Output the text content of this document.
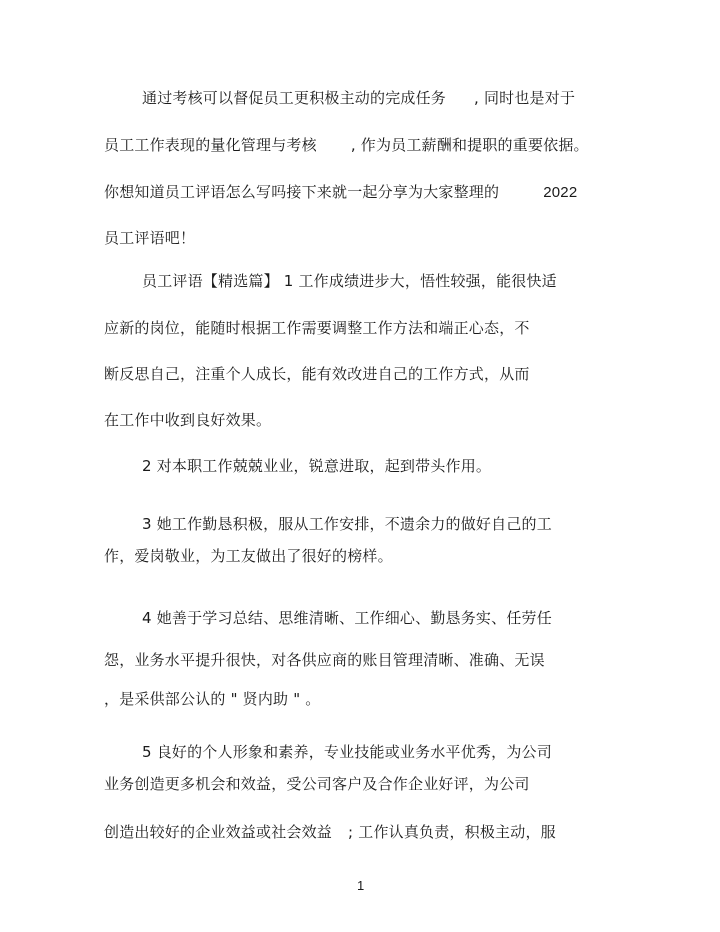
通过考核可以督促员工更积极主动的完成任务 , 同时也是对于
员工工作表现的量化管理与考核 , 作为员工薪酬和提职的重要依据。
你想知道员工评语怎么写吗接下来就一起分享为大家整理的	2022
员工评语吧！
员工评语【精选篇】 1 工作成绩进步大，悟性较强，能很快适
应新的岗位，能随时根据工作需要调整工作方法和端正心态，不
断反思自己，注重个人成长，能有效改进自己的工作方式，从而
在工作中收到良好效果。
2 对本职工作兢兢业业，锐意进取，起到带头作用。
3 她工作勤恳积极，服从工作安排，不遗余力的做好自己的工
作，爱岗敬业，为工友做出了很好的榜样。
4 她善于学习总结、思维清晰、工作细心、勤恳务实、任劳任
怨，业务水平提升很快，对各供应商的账目管理清晰、准确、无误
，是采供部公认的 " 贤内助 " 。
5 良好的个人形象和素养，专业技能或业务水平优秀，为公司
业务创造更多机会和效益，受公司客户及合作企业好评，为公司
创造出较好的企业效益或社会效益 ; 工作认真负责，积极主动，服
1
